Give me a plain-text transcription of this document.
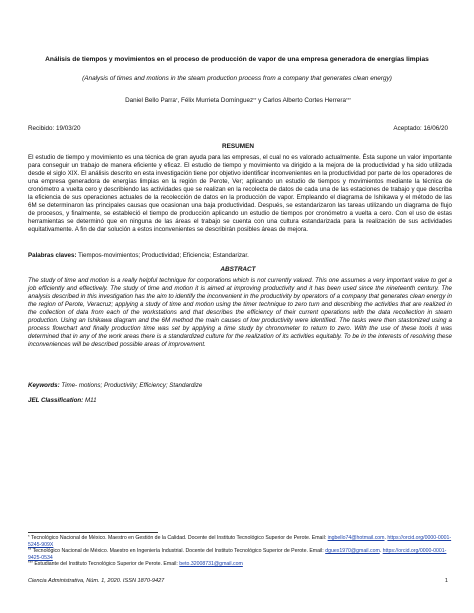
Análisis de tiempos y movimientos en el proceso de producción de vapor de una empresa generadora de energías limpias

(Analysis of times and motions in the steam production process from a company that generates clean energy)

Daniel Bello Parra*, Félix Murrieta Domínguez** y Carlos Alberto Cortes Herrera***
Recibido: 19/03/20	Aceptado: 16/06/20
RESUMEN

El estudio de tiempo y movimiento es una técnica de gran ayuda para las empresas, el cual no es valorado actualmente. Ésta supone un valor importante para conseguir un trabajo de manera eficiente y eficaz. El estudio de tiempo y movimiento va dirigido a la mejora de la productividad y ha sido utilizada desde el siglo XIX. El análisis descrito en esta investigación tiene por objetivo identificar inconvenientes en la productividad por parte de los operadores de una empresa generadora de energías limpias en la región de Perote, Ver; aplicando un estudio de tiempos y movimientos mediante la técnica de cronómetro a vuelta cero y describiendo las actividades que se realizan en la recolecta de datos de cada una de las estaciones de trabajo y que describa la eficiencia de sus operaciones actuales de la recolección de datos en la producción de vapor. Empleando el diagrama de Ishikawa y el método de las 6M se determinaron las principales causas que ocasionan una baja productividad. Después, se estandarizaron las tareas utilizando un diagrama de flujo de procesos, y finalmente, se estableció el tiempo de producción aplicando un estudio de tiempos por cronómetro a vuelta a cero. Con el uso de estas herramientas se determinó que en ninguna de las áreas el trabajo se cuenta con una cultura estandarizada para la realización de sus actividades equitativamente. A fin de dar solución a estos inconvenientes se describirán posibles áreas de mejora.

Palabras claves: Tiempos-movimientos; Productividad; Eficiencia; Estandarizar.

ABSTRACT

The study of time and motion is a really helpful technique for corporations which is not currently valued. This one assumes a very important value to get a job efficiently and effectively. The study of time and motion it is aimed at improving productivity and it has been used since the nineteenth century. The analysis described in this investigation has the aim to identify the inconvenient in the productivity by operators of a company that generates clean energy in the region of Perote, Veracruz; applying a study of time and motion using the timer technique to zero turn and describing the activities that are realized in the collection of data from each of the workstations and that describes the efficiency of their current operations with the data recollection in steam production. Using an Ishikawa diagram and the 6M method the main causes of low productivity were identified. The tasks were then stastonized using a process flowchart and finally production time was set by applying a time study by chronometer to return to zero. With the use of these tools it was determined that in any of the work areas there is a standardized culture for the realization of its activities equitably. To be in the interests of resolving these inconveniences will be described possible areas of improvement.

Keywords: Time- motions; Productivity; Efficiency; Standardize

JEL Classification: M11

* Tecnológico Nacional de México. Maestro en Gestión de la Calidad. Docente del Instituto Tecnológico Superior de Perote. Email: ingbello74@hotmail.com. https://orcid.org/0000-0001-5245-909X

** Tecnológico Nacional de México. Maestro en Ingeniería Industrial. Docente del Instituto Tecnológico Superior de Perote. Email: dguex1970@gmail.com. https://orcid.org/0000-0001-9425-0534

*** Estudiante del Instituto Tecnológico Superior de Perote. Email: beto.32008731@gmail.com

Ciencia Administrativa, Núm. 1, 2020. ISSN 1870-9427	1
